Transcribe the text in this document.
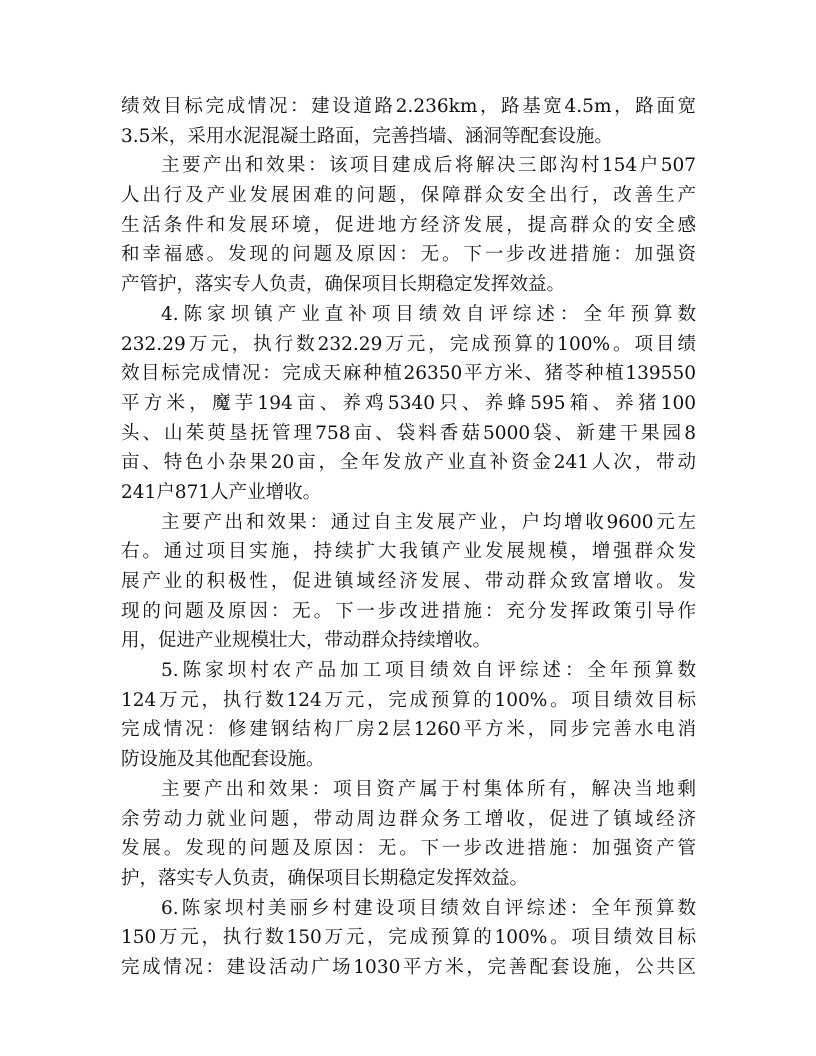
绩效目标完成情况：建设道路2.236km，路基宽4.5m，路面宽
3.5米，采用水泥混凝土路面，完善挡墙、涵洞等配套设施。
主要产出和效果：该项目建成后将解决三郎沟村154户507
人出行及产业发展困难的问题，保障群众安全出行，改善生产
生活条件和发展环境，促进地方经济发展，提高群众的安全感
和幸福感。发现的问题及原因：无。下一步改进措施：加强资
产管护，落实专人负责，确保项目长期稳定发挥效益。
4.陈家坝镇产业直补项目绩效自评综述：全年预算数
232.29万元，执行数232.29万元，完成预算的100%。项目绩
效目标完成情况：完成天麻种植26350平方米、猪苓种植139550
平方米，魔芋194亩、养鸡5340只、养蜂595箱、养猪100
头、山茱萸垦抚管理758亩、袋料香菇5000袋、新建干果园8
亩、特色小杂果20亩，全年发放产业直补资金241人次，带动
241户871人产业增收。
主要产出和效果：通过自主发展产业，户均增收9600元左
右。通过项目实施，持续扩大我镇产业发展规模，增强群众发
展产业的积极性，促进镇域经济发展、带动群众致富增收。发
现的问题及原因：无。下一步改进措施：充分发挥政策引导作
用，促进产业规模壮大，带动群众持续增收。
5.陈家坝村农产品加工项目绩效自评综述：全年预算数
124万元，执行数124万元，完成预算的100%。项目绩效目标
完成情况：修建钢结构厂房2层1260平方米，同步完善水电消
防设施及其他配套设施。
主要产出和效果：项目资产属于村集体所有，解决当地剩
余劳动力就业问题，带动周边群众务工增收，促进了镇域经济
发展。发现的问题及原因：无。下一步改进措施：加强资产管
护，落实专人负责，确保项目长期稳定发挥效益。
6.陈家坝村美丽乡村建设项目绩效自评综述：全年预算数
150万元，执行数150万元，完成预算的100%。项目绩效目标
完成情况：建设活动广场1030平方米，完善配套设施，公共区
